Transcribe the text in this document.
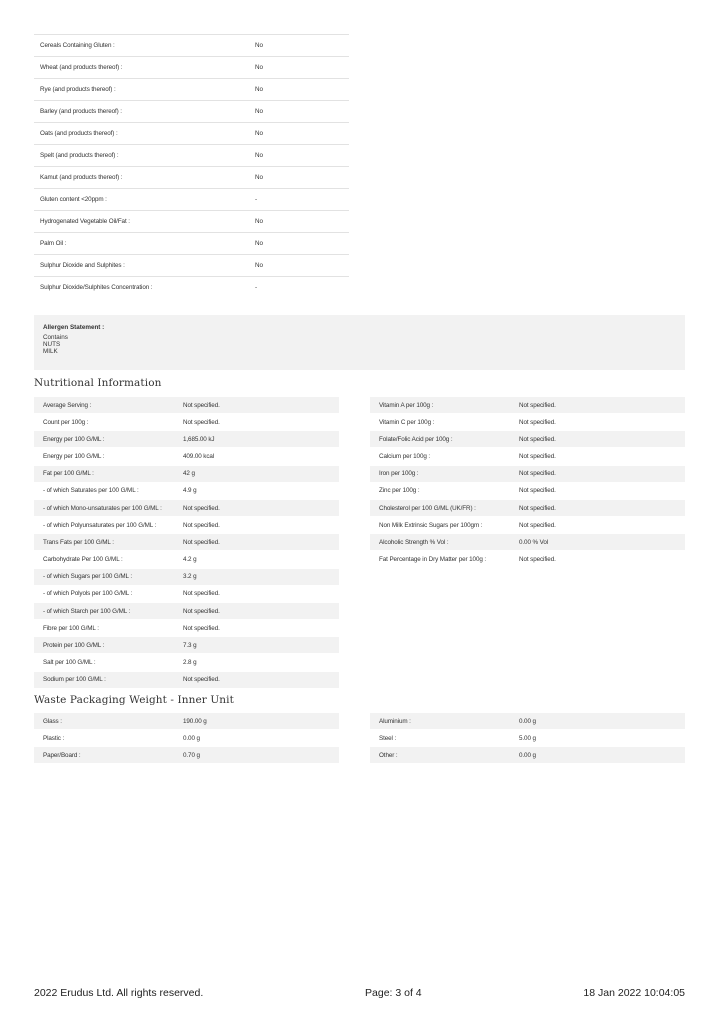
Cereals Containing Gluten :	No
Wheat (and products thereof) :	No
Rye (and products thereof) :	No
Barley (and products thereof) :	No
Oats (and products thereof) :	No
Spelt (and products thereof) :	No
Kamut (and products thereof) :	No
Gluten content <20ppm :	-
Hydrogenated Vegetable Oil/Fat :	No
Palm Oil :	No
Sulphur Dioxide and Sulphites :	No
Sulphur Dioxide/Sulphites Concentration :	-
Allergen Statement :
Contains
NUTS
MILK
Nutritional Information
Average Serving :	Not specified.
Count per 100g :	Not specified.
Energy per 100 G/ML :	1,685.00 kJ
Energy per 100 G/ML :	409.00 kcal
Fat per 100 G/ML :	42 g
- of which Saturates per 100 G/ML :	4.9 g
- of which Mono-unsaturates per 100 G/ML :	Not specified.
- of which Polyunsaturates per 100 G/ML :	Not specified.
Trans Fats per 100 G/ML :	Not specified.
Carbohydrate Per 100 G/ML :	4.2 g
- of which Sugars per 100 G/ML :	3.2 g
- of which Polyols per 100 G/ML :	Not specified.
- of which Starch per 100 G/ML :	Not specified.
Fibre per 100 G/ML :	Not specified.
Protein per 100 G/ML :	7.3 g
Salt per 100 G/ML :	2.8 g
Sodium per 100 G/ML :	Not specified.
Vitamin A per 100g :	Not specified.
Vitamin C per 100g :	Not specified.
Folate/Folic Acid per 100g :	Not specified.
Calcium per 100g :	Not specified.
Iron per 100g :	Not specified.
Zinc per 100g :	Not specified.
Cholesterol per 100 G/ML (UK/FR) :	Not specified.
Non Milk Extrinsic Sugars per 100gm :	Not specified.
Alcoholic Strength % Vol :	0.00 % Vol
Fat Percentage in Dry Matter per 100g :	Not specified.
Waste Packaging Weight - Inner Unit
Glass :	190.00 g
Plastic :	0.00 g
Paper/Board :	0.70 g
Aluminium :	0.00 g
Steel :	5.00 g
Other :	0.00 g
2022 Erudus Ltd. All rights reserved.	Page: 3 of 4	18 Jan 2022 10:04:05
